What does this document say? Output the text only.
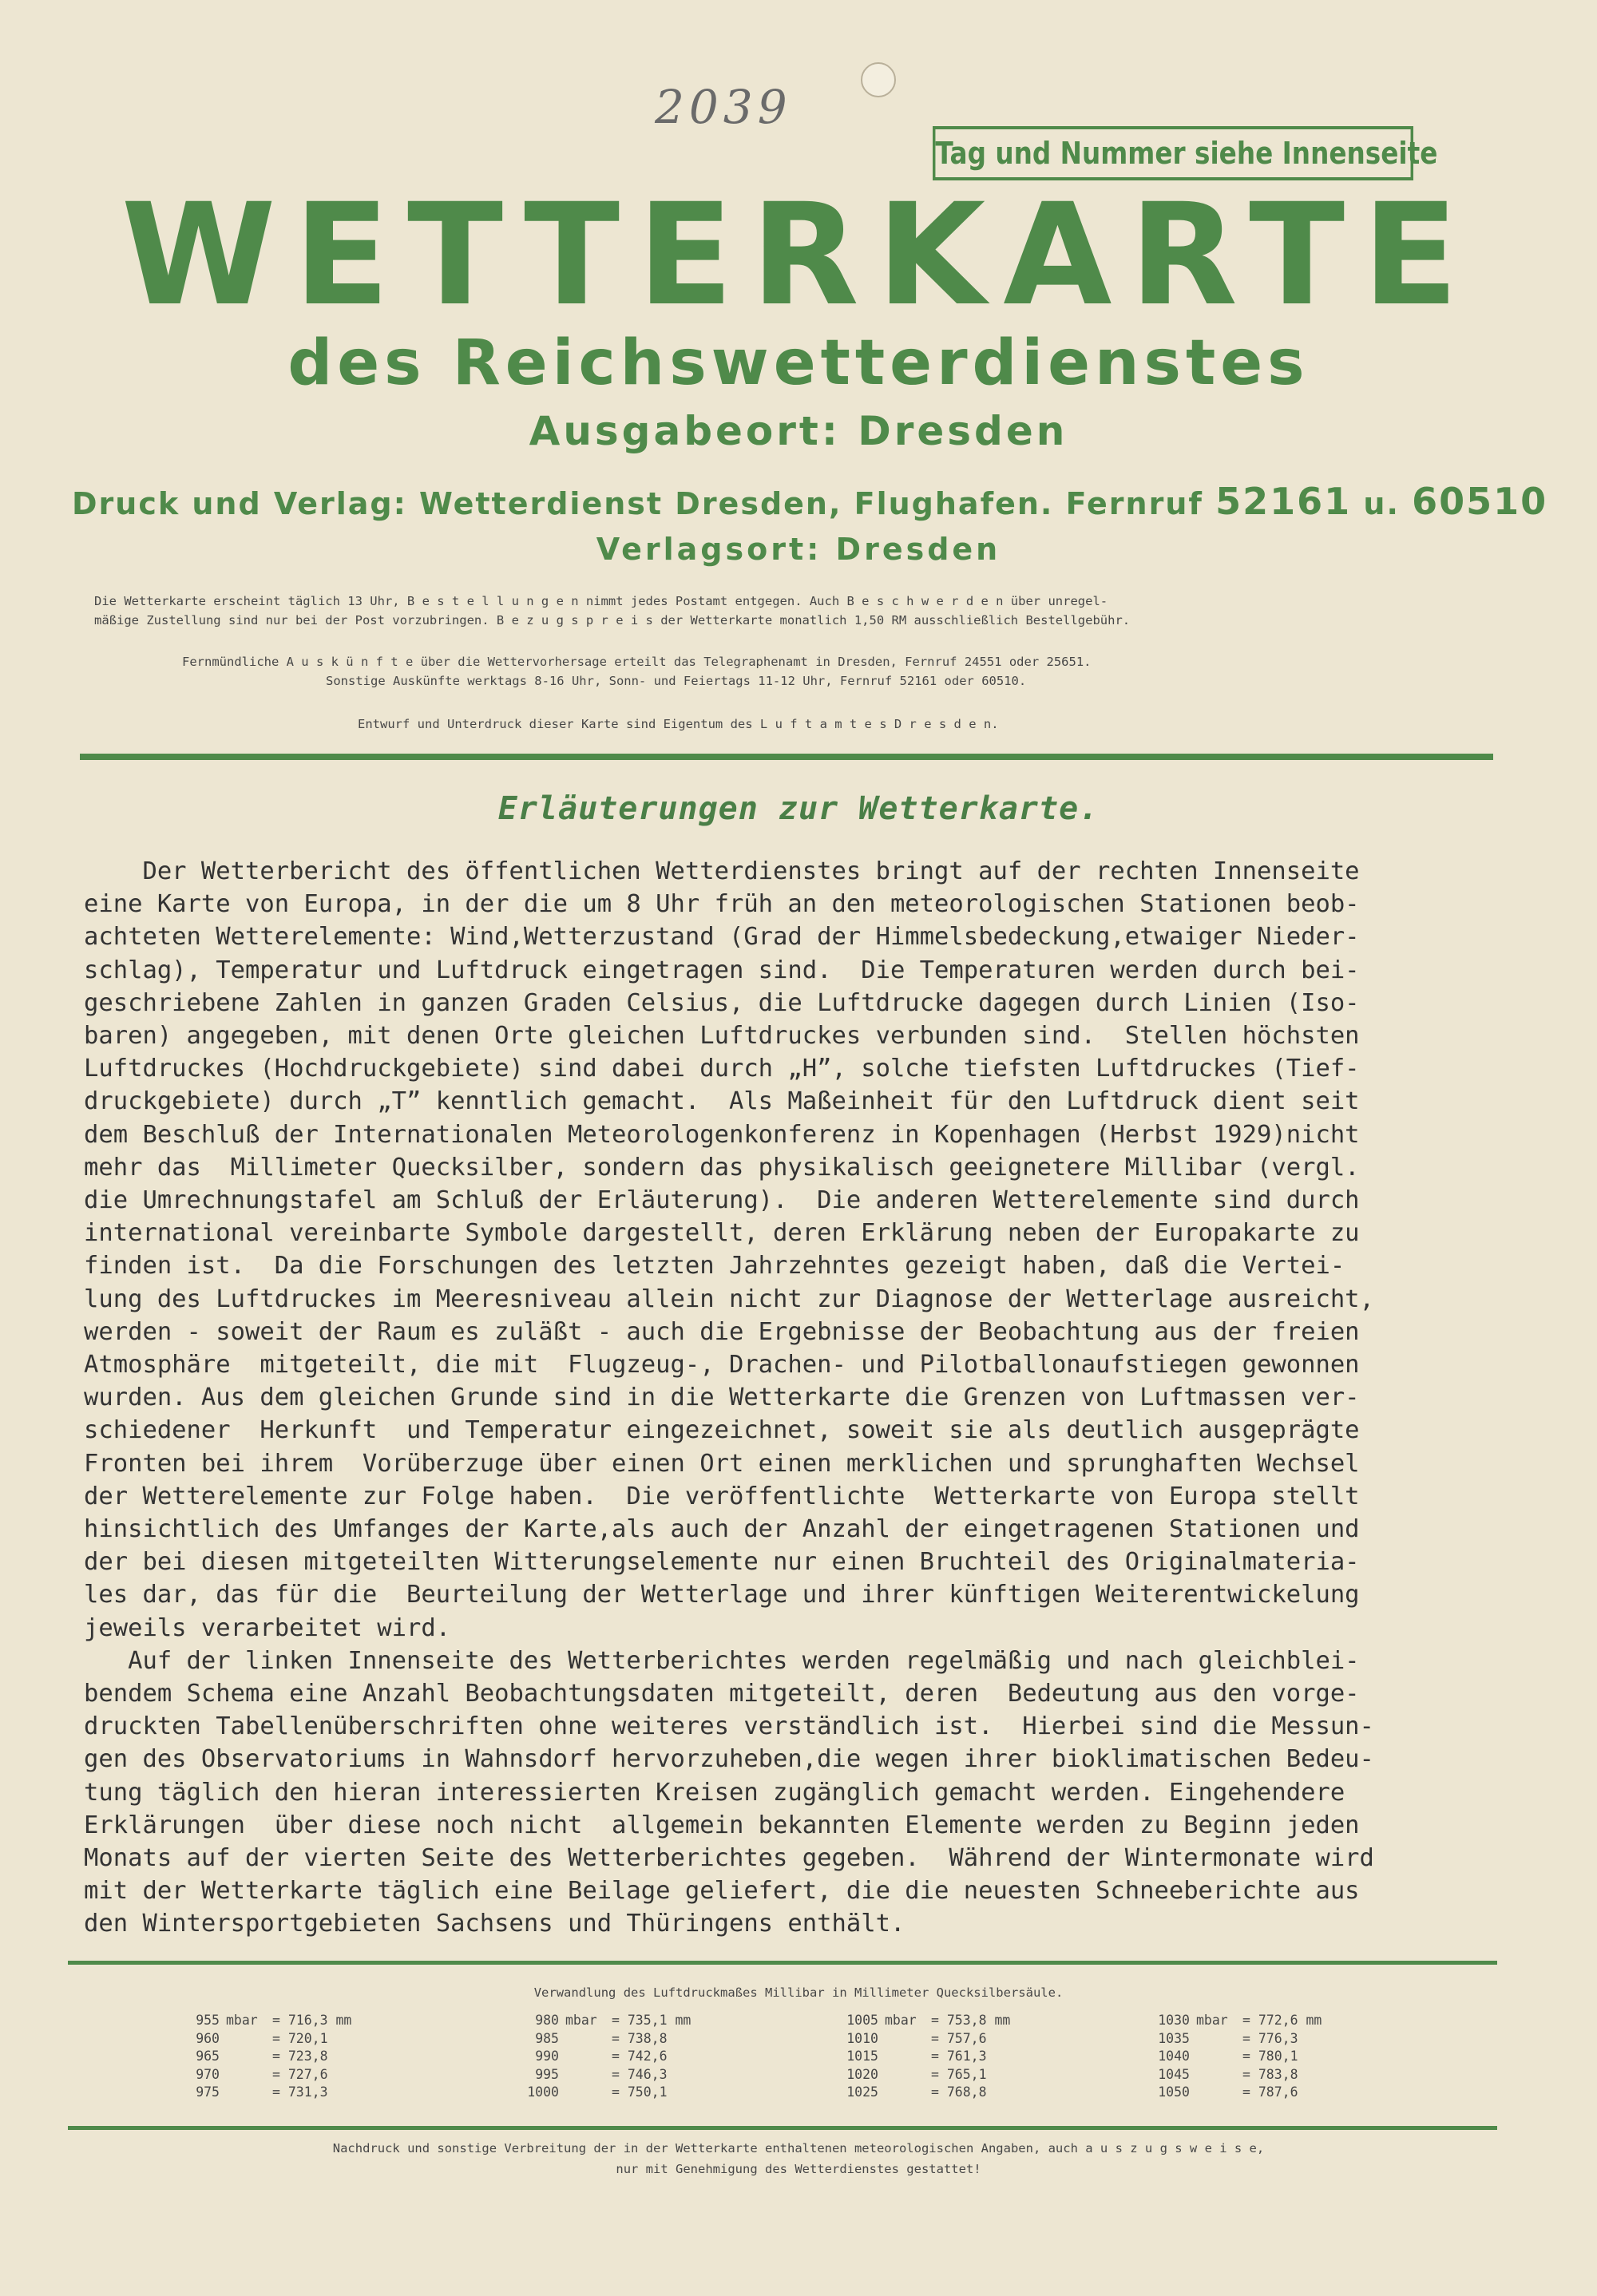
2039
Tag und Nummer siehe Innenseite
WETTERKARTE
des Reichswetterdienstes
Ausgabeort: Dresden
Druck und Verlag: Wetterdienst Dresden, Flughafen. Fernruf 52161 u. 60510
Verlagsort: Dresden
Die Wetterkarte erscheint täglich 13 Uhr, B e s t e l l u n g e n nimmt jedes Postamt entgegen. Auch B e s c h w e r d e n über unregel-
mäßige Zustellung sind nur bei der Post vorzubringen. B e z u g s p r e i s der Wetterkarte monatlich 1,50 RM ausschließlich Bestellgebühr.
Fernmündliche A u s k ü n f t e über die Wettervorhersage erteilt das Telegraphenamt in Dresden, Fernruf 24551 oder 25651.
Sonstige Auskünfte werktags 8-16 Uhr, Sonn- und Feiertags 11-12 Uhr, Fernruf 52161 oder 60510.
Entwurf und Unterdruck dieser Karte sind Eigentum des L u f t a m t e s D r e s d e n.
Erläuterungen zur Wetterkarte.
Der Wetterbericht des öffentlichen Wetterdienstes bringt auf der rechten Innenseite
eine Karte von Europa, in der die um 8 Uhr früh an den meteorologischen Stationen beob-
achteten Wetterelemente: Wind,Wetterzustand (Grad der Himmelsbedeckung,etwaiger Nieder-
schlag), Temperatur und Luftdruck eingetragen sind.  Die Temperaturen werden durch bei-
geschriebene Zahlen in ganzen Graden Celsius, die Luftdrucke dagegen durch Linien (Iso-
baren) angegeben, mit denen Orte gleichen Luftdruckes verbunden sind.  Stellen höchsten
Luftdruckes (Hochdruckgebiete) sind dabei durch „H”, solche tiefsten Luftdruckes (Tief-
druckgebiete) durch „T” kenntlich gemacht.  Als Maßeinheit für den Luftdruck dient seit
dem Beschluß der Internationalen Meteorologenkonferenz in Kopenhagen (Herbst 1929)nicht
mehr das  Millimeter Quecksilber, sondern das physikalisch geeignetere Millibar (vergl.
die Umrechnungstafel am Schluß der Erläuterung).  Die anderen Wetterelemente sind durch
international vereinbarte Symbole dargestellt, deren Erklärung neben der Europakarte zu
finden ist.  Da die Forschungen des letzten Jahrzehntes gezeigt haben, daß die Vertei-
lung des Luftdruckes im Meeresniveau allein nicht zur Diagnose der Wetterlage ausreicht,
werden - soweit der Raum es zuläßt - auch die Ergebnisse der Beobachtung aus der freien
Atmosphäre  mitgeteilt, die mit  Flugzeug-, Drachen- und Pilotballonaufstiegen gewonnen
wurden. Aus dem gleichen Grunde sind in die Wetterkarte die Grenzen von Luftmassen ver-
schiedener  Herkunft  und Temperatur eingezeichnet, soweit sie als deutlich ausgeprägte
Fronten bei ihrem  Vorüberzuge über einen Ort einen merklichen und sprunghaften Wechsel
der Wetterelemente zur Folge haben.  Die veröffentlichte  Wetterkarte von Europa stellt
hinsichtlich des Umfanges der Karte,als auch der Anzahl der eingetragenen Stationen und
der bei diesen mitgeteilten Witterungselemente nur einen Bruchteil des Originalmateria-
les dar, das für die  Beurteilung der Wetterlage und ihrer künftigen Weiterentwickelung
jeweils verarbeitet wird.
Auf der linken Innenseite des Wetterberichtes werden regelmäßig und nach gleichblei-
bendem Schema eine Anzahl Beobachtungsdaten mitgeteilt, deren  Bedeutung aus den vorge-
druckten Tabellenüberschriften ohne weiteres verständlich ist.  Hierbei sind die Messun-
gen des Observatoriums in Wahnsdorf hervorzuheben,die wegen ihrer bioklimatischen Bedeu-
tung täglich den hieran interessierten Kreisen zugänglich gemacht werden. Eingehendere
Erklärungen  über diese noch nicht  allgemein bekannten Elemente werden zu Beginn jeden
Monats auf der vierten Seite des Wetterberichtes gegeben.  Während der Wintermonate wird
mit der Wetterkarte täglich eine Beilage geliefert, die die neuesten Schneeberichte aus
den Wintersportgebieten Sachsens und Thüringens enthält.
Verwandlung des Luftdruckmaßes Millibar in Millimeter Quecksilbersäule.
955 mbar = 716,3 mm
960	= 720,1
965	= 723,8
970	= 727,6
975	= 731,3
980 mbar = 735,1 mm
985	= 738,8
990	= 742,6
995	= 746,3
1000	= 750,1
1005 mbar = 753,8 mm
1010	= 757,6
1015	= 761,3
1020	= 765,1
1025	= 768,8
1030 mbar = 772,6 mm
1035	= 776,3
1040	= 780,1
1045	= 783,8
1050	= 787,6
Nachdruck und sonstige Verbreitung der in der Wetterkarte enthaltenen meteorologischen Angaben, auch a u s z u g s w e i s e,
nur mit Genehmigung des Wetterdienstes gestattet!
